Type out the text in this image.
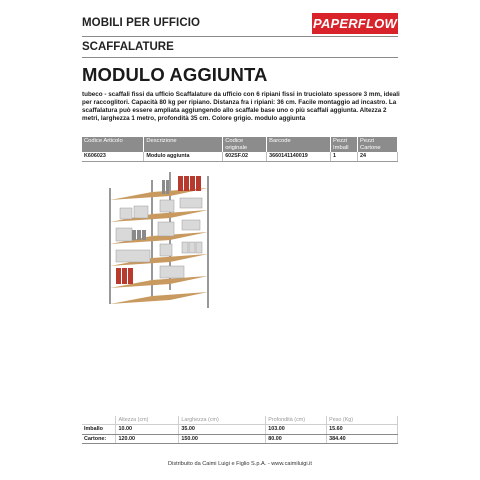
MOBILI PER UFFICIO	PAPERFLOW
SCAFFALATURE
MODULO AGGIUNTA
tubeco - scaffali fissi da ufficio Scaffalature da ufficio con 6 ripiani fissi in truciolato spessore 3 mm, ideali per raccoglitori. Capacità 80 kg per ripiano. Distanza fra i ripiani: 36 cm. Facile montaggio ad incastro. La scaffalatura può essere ampliata aggiungendo allo scaffale base uno o più scaffali aggiunta. Altezza 2 metri, larghezza 1 metro, profondità 35 cm. Colore grigio. modulo aggiunta
Codice Articolo	Descrizione	Codice originale	Barcode	Pezzi Imball	Pezzi Cartone
K606023	Modulo aggiunta	602SF.02	3660141140019	1	24
	Altezza (cm)	Larghezza (cm)	Profondità (cm)	Peso (Kg)
Imballo	10.00	35.00	103.00	15.60
Cartone:	120.00	150.00	80.00	384.40
Distribuito da Caimi Luigi e Figlio S.p.A. - www.caimiluigi.it
